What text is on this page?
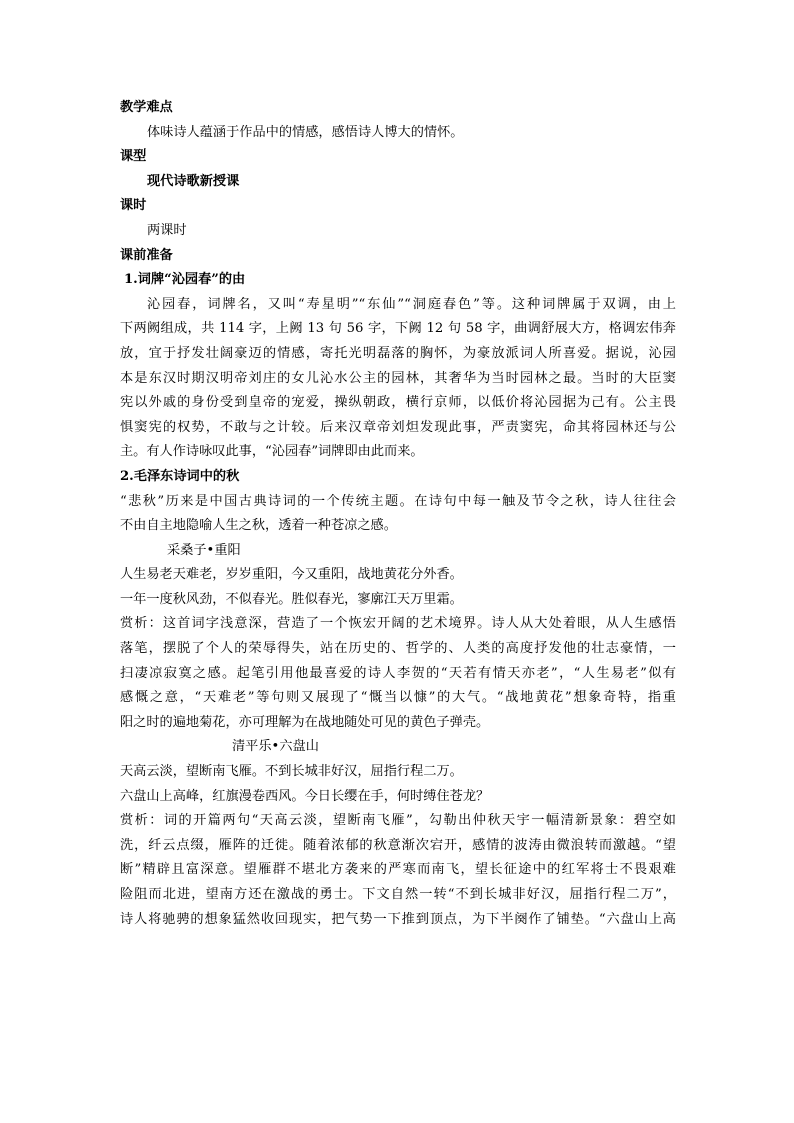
教学难点
体味诗人蕴涵于作品中的情感，感悟诗人博大的情怀。
课型
现代诗歌新授课
课时
两课时
课前准备
1.词牌“沁园春”的由
沁园春，词牌名，又叫“寿星明”“东仙”“洞庭春色”等。这种词牌属于双调，由上
下两阙组成，共 114 字，上阙 13 句 56 字，下阙 12 句 58 字，曲调舒展大方，格调宏伟奔
放，宜于抒发壮阔豪迈的情感，寄托光明磊落的胸怀，为豪放派词人所喜爱。据说，沁园
本是东汉时期汉明帝刘庄的女儿沁水公主的园林，其奢华为当时园林之最。当时的大臣窦
宪以外戚的身份受到皇帝的宠爱，操纵朝政，横行京师，以低价将沁园据为己有。公主畏
惧窦宪的权势，不敢与之计较。后来汉章帝刘炟发现此事，严责窦宪，命其将园林还与公
主。有人作诗咏叹此事，“沁园春”词牌即由此而来。
2.毛泽东诗词中的秋
“悲秋”历来是中国古典诗词的一个传统主题。在诗句中每一触及节令之秋，诗人往往会
不由自主地隐喻人生之秋，透着一种苍凉之感。
采桑子•重阳
人生易老天难老，岁岁重阳，今又重阳，战地黄花分外香。
一年一度秋风劲，不似春光。胜似春光，寥廓江天万里霜。
赏析：这首词字浅意深，营造了一个恢宏开阔的艺术境界。诗人从大处着眼，从人生感悟
落笔，摆脱了个人的荣辱得失，站在历史的、哲学的、人类的高度抒发他的壮志豪情，一
扫凄凉寂寞之感。起笔引用他最喜爱的诗人李贺的“天若有情天亦老”，“人生易老”似有
感慨之意，“天难老”等句则又展现了“慨当以慷”的大气。“战地黄花”想象奇特，指重
阳之时的遍地菊花，亦可理解为在战地随处可见的黄色子弹壳。
清平乐•六盘山
天高云淡，望断南飞雁。不到长城非好汉，屈指行程二万。
六盘山上高峰，红旗漫卷西风。今日长缨在手，何时缚住苍龙？
赏析：词的开篇两句“天高云淡，望断南飞雁”，勾勒出仲秋天宇一幅清新景象：碧空如
洗，纤云点缀，雁阵的迁徙。随着浓郁的秋意渐次宕开，感情的波涛由微浪转而激越。“望
断”精辟且富深意。望雁群不堪北方袭来的严寒而南飞，望长征途中的红军将士不畏艰难
险阻而北进，望南方还在激战的勇士。下文自然一转“不到长城非好汉，屈指行程二万”，
诗人将驰骋的想象猛然收回现实，把气势一下推到顶点，为下半阕作了铺垫。“六盘山上高
